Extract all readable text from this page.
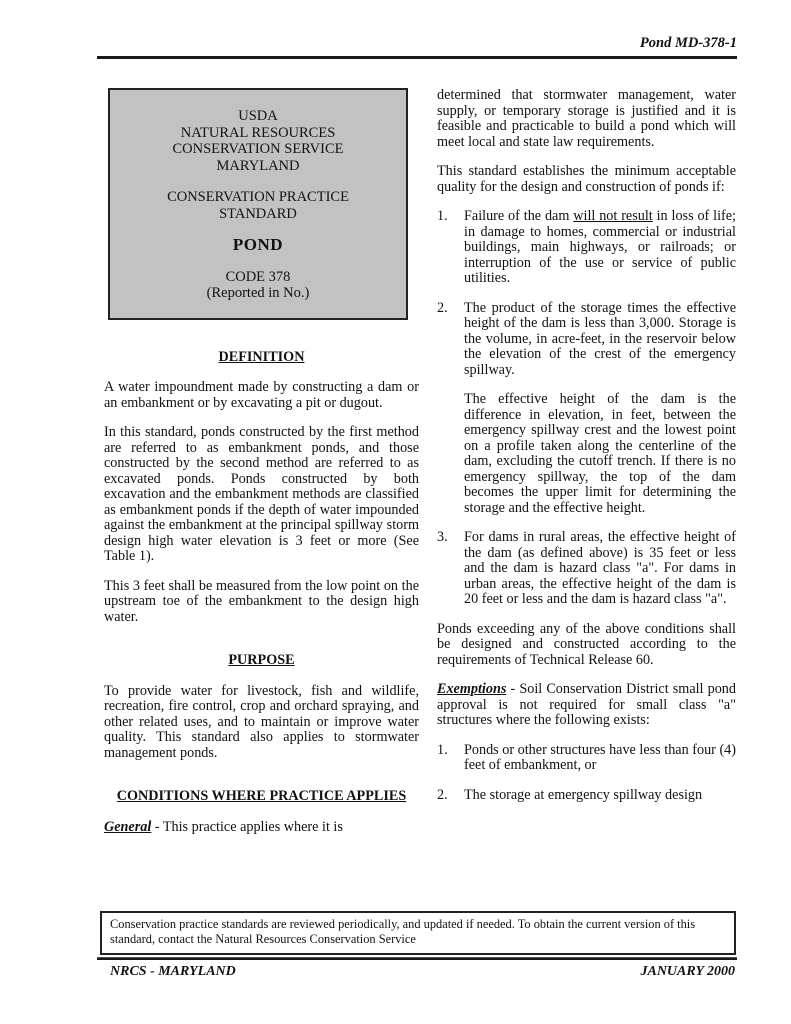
Pond MD-378-1
USDA
NATURAL RESOURCES
CONSERVATION SERVICE
MARYLAND
CONSERVATION PRACTICE
STANDARD
POND
CODE 378
(Reported in No.)
DEFINITION

A water impoundment made by constructing a dam or an embankment or by excavating a pit or dugout.

In this standard, ponds constructed by the first method are referred to as embankment ponds, and those constructed by the second method are referred to as excavated ponds. Ponds constructed by both excavation and the embankment methods are classified as embankment ponds if the depth of water impounded against the embankment at the principal spillway storm design high water elevation is 3 feet or more (See Table 1).

This 3 feet shall be measured from the low point on the upstream toe of the embankment to the design high water.

PURPOSE

To provide water for livestock, fish and wildlife, recreation, fire control, crop and orchard spraying, and other related uses, and to maintain or improve water quality. This standard also applies to stormwater management ponds.

CONDITIONS WHERE PRACTICE APPLIES

General - This practice applies where it is

determined that stormwater management, water supply, or temporary storage is justified and it is feasible and practicable to build a pond which will meet local and state law requirements.

This standard establishes the minimum acceptable quality for the design and construction of ponds if:

1.	Failure of the dam will not result in loss of life; in damage to homes, commercial or industrial buildings, main highways, or railroads; or interruption of the use or service of public utilities.
2.	The product of the storage times the effective height of the dam is less than 3,000. Storage is the volume, in acre-feet, in the reservoir below the elevation of the crest of the emergency spillway.
The effective height of the dam is the difference in elevation, in feet, between the emergency spillway crest and the lowest point on a profile taken along the centerline of the dam, excluding the cutoff trench. If there is no emergency spillway, the top of the dam becomes the upper limit for determining the storage and the effective height.
3.	For dams in rural areas, the effective height of the dam (as defined above) is 35 feet or less and the dam is hazard class "a". For dams in urban areas, the effective height of the dam is 20 feet or less and the dam is hazard class "a".

Ponds exceeding any of the above conditions shall be designed and constructed according to the requirements of Technical Release 60.

Exemptions - Soil Conservation District small pond approval is not required for small class "a" structures where the following exists:

1.	Ponds or other structures have less than four (4) feet of embankment, or
2.	The storage at emergency spillway design
Conservation practice standards are reviewed periodically, and updated if needed. To obtain the current version of this standard, contact the Natural Resources Conservation Service
NRCS - MARYLAND	JANUARY 2000
